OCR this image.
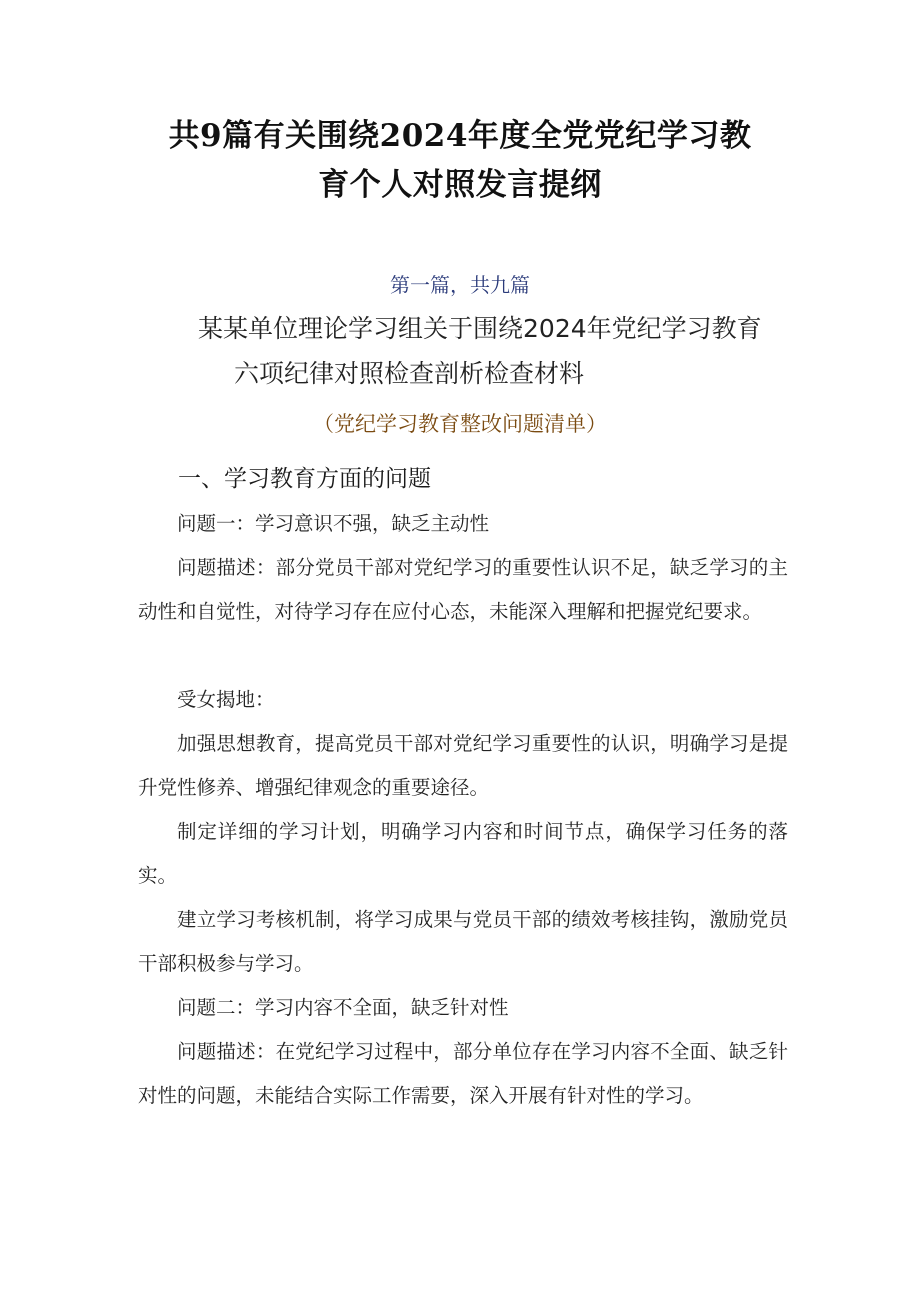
共9篇有关围绕2024年度全党党纪学习教
育个人对照发言提纲
第一篇，共九篇
某某单位理论学习组关于围绕2024年党纪学习教育
六项纪律对照检查剖析检查材料
（党纪学习教育整改问题清单）
一、学习教育方面的问题
问题一：学习意识不强，缺乏主动性
问题描述：部分党员干部对党纪学习的重要性认识不足，缺乏学习的主动性和自觉性，对待学习存在应付心态，未能深入理解和把握党纪要求。
受女揭地：
加强思想教育，提高党员干部对党纪学习重要性的认识，明确学习是提升党性修养、增强纪律观念的重要途径。
制定详细的学习计划，明确学习内容和时间节点，确保学习任务的落实。
建立学习考核机制，将学习成果与党员干部的绩效考核挂钩，激励党员干部积极参与学习。
问题二：学习内容不全面，缺乏针对性
问题描述：在党纪学习过程中，部分单位存在学习内容不全面、缺乏针对性的问题，未能结合实际工作需要，深入开展有针对性的学习。
